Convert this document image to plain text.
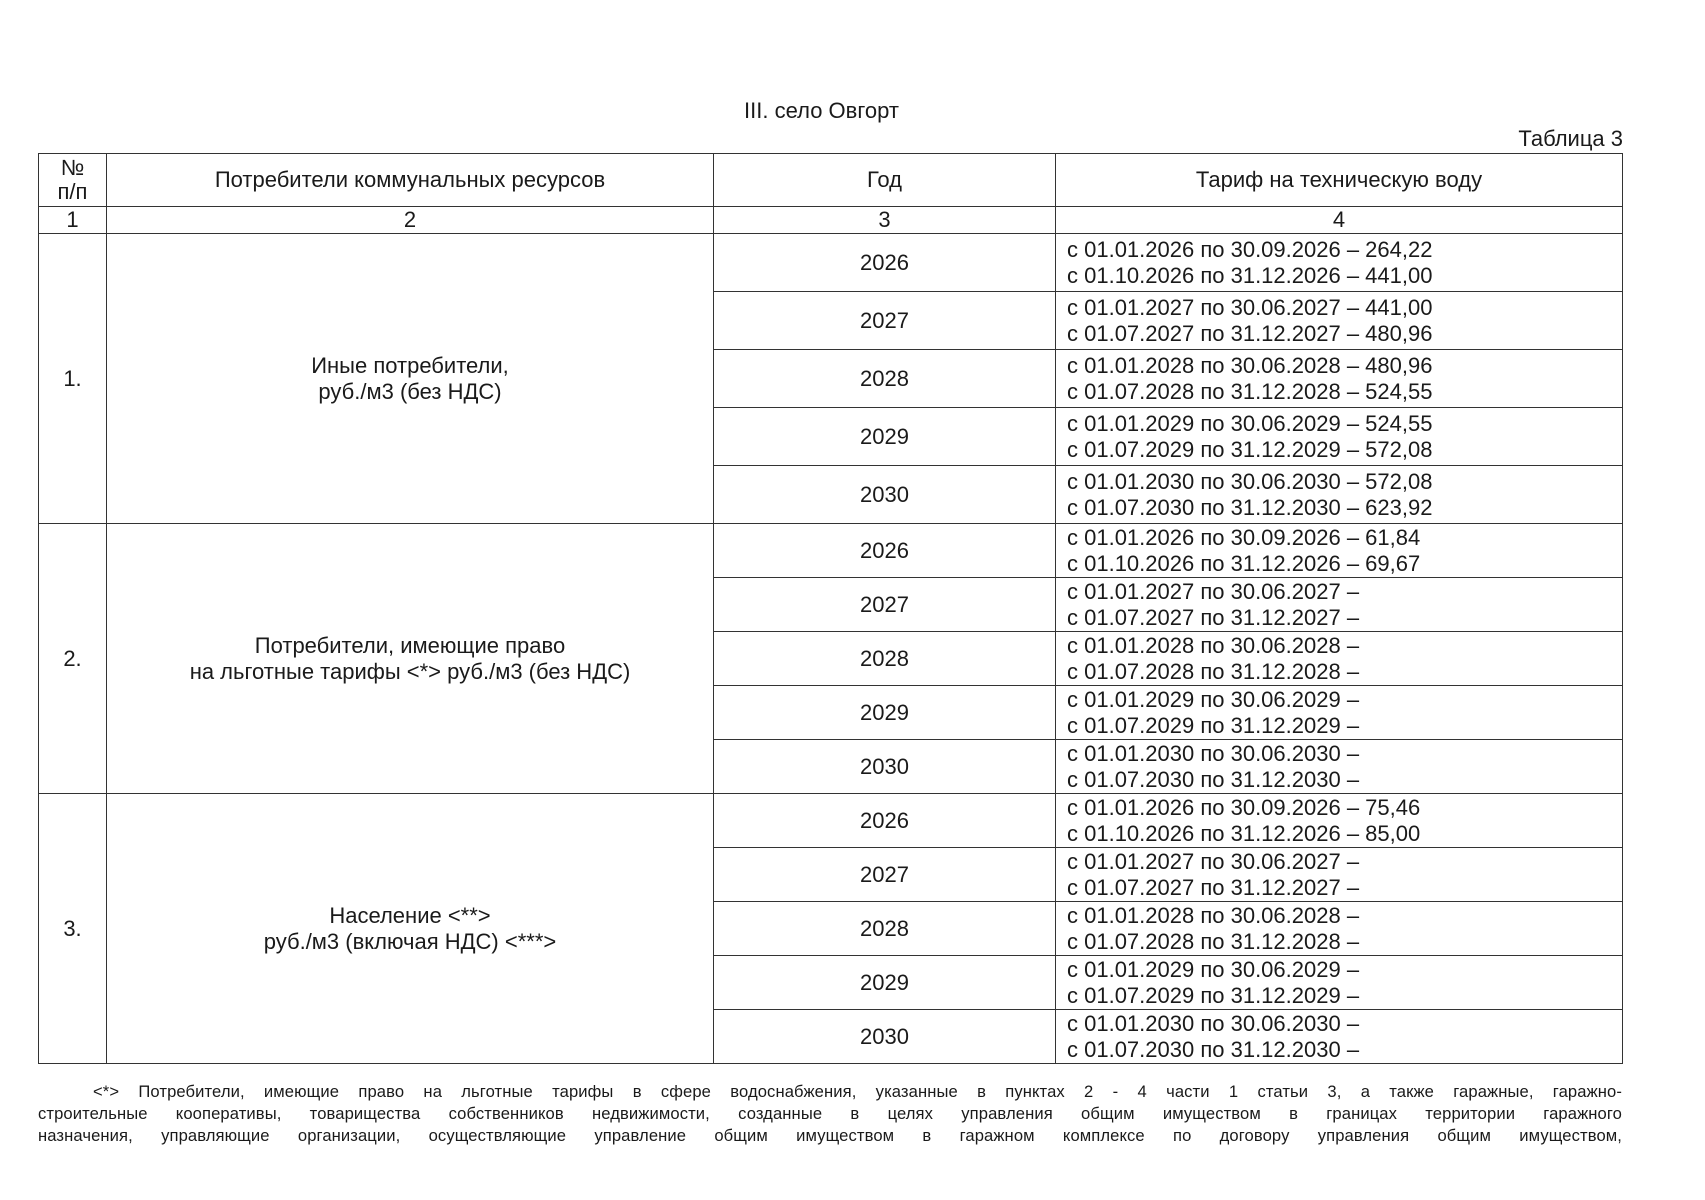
III. село Овгорт
Таблица 3
№
п/п	Потребители коммунальных ресурсов	Год	Тариф на техническую воду
1	2	3	4
1.	Иные потребители,
руб./м3 (без НДС)	2026	с 01.01.2026 по 30.09.2026 – 264,22
с 01.10.2026 по 31.12.2026 – 441,00

		2027	с 01.01.2027 по 30.06.2027 – 441,00
с 01.07.2027 по 31.12.2027 – 480,96

		2028	с 01.01.2028 по 30.06.2028 – 480,96
с 01.07.2028 по 31.12.2028 – 524,55

		2029	с 01.01.2029 по 30.06.2029 – 524,55
с 01.07.2029 по 31.12.2029 – 572,08

		2030	с 01.01.2030 по 30.06.2030 – 572,08
с 01.07.2030 по 31.12.2030 – 623,92

2.	Потребители, имеющие право
на льготные тарифы <*> руб./м3 (без НДС)	2026	с 01.01.2026 по 30.09.2026 – 61,84
с 01.10.2026 по 31.12.2026 – 69,67

		2027	с 01.01.2027 по 30.06.2027 –
с 01.07.2027 по 31.12.2027 –

		2028	с 01.01.2028 по 30.06.2028 –
с 01.07.2028 по 31.12.2028 –

		2029	с 01.01.2029 по 30.06.2029 –
с 01.07.2029 по 31.12.2029 –

		2030	с 01.01.2030 по 30.06.2030 –
с 01.07.2030 по 31.12.2030 –

3.	Население <**>
руб./м3 (включая НДС) <***>	2026	с 01.01.2026 по 30.09.2026 – 75,46
с 01.10.2026 по 31.12.2026 – 85,00

		2027	с 01.01.2027 по 30.06.2027 –
с 01.07.2027 по 31.12.2027 –

		2028	с 01.01.2028 по 30.06.2028 –
с 01.07.2028 по 31.12.2028 –

		2029	с 01.01.2029 по 30.06.2029 –
с 01.07.2029 по 31.12.2029 –

		2030	с 01.01.2030 по 30.06.2030 –
с 01.07.2030 по 31.12.2030 –
<*> Потребители, имеющие право на льготные тарифы в сфере водоснабжения, указанные в пунктах 2 - 4 части 1 статьи 3, а также гаражные, гаражно-
строительные кооперативы, товарищества собственников недвижимости, созданные в целях управления общим имуществом в границах территории гаражного
назначения, управляющие организации, осуществляющие управление общим имуществом в гаражном комплексе по договору управления общим имуществом,
